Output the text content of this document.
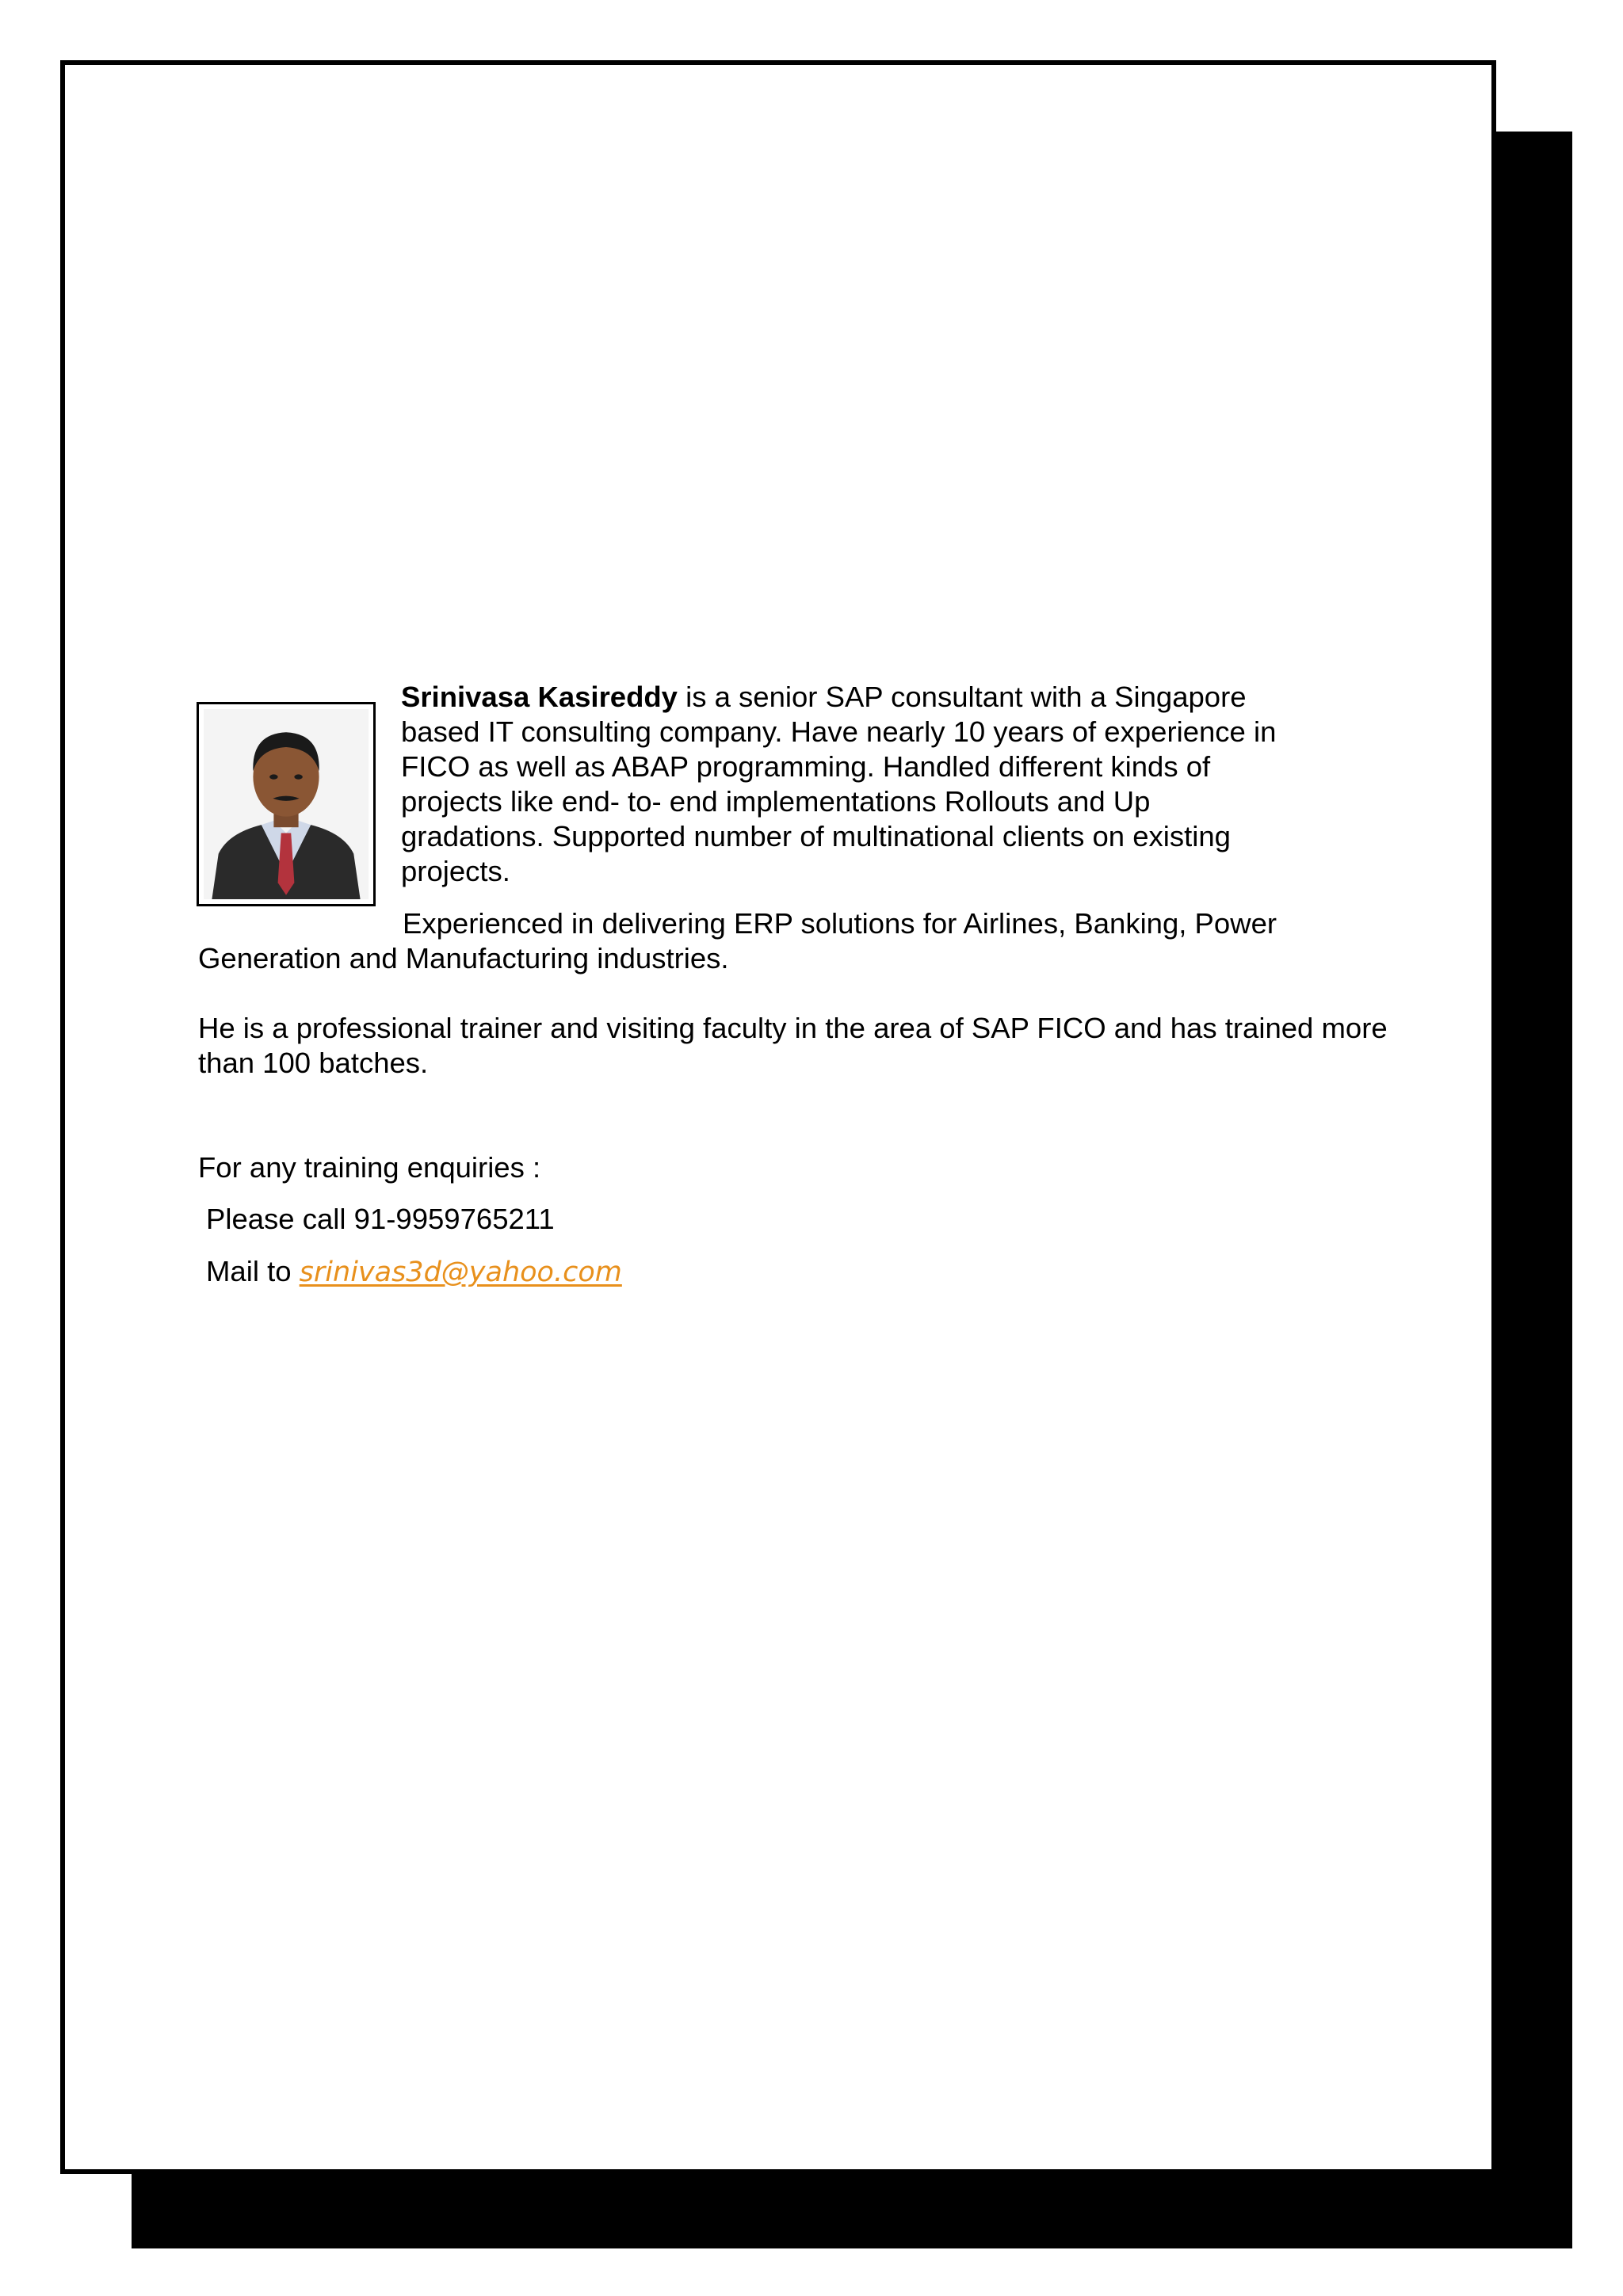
Srinivasa Kasireddy is a senior SAP consultant with a Singapore based IT consulting company. Have nearly 10 years of experience in FICO as well as ABAP programming. Handled different kinds of projects like end- to- end implementations Rollouts and Up gradations. Supported number of multinational clients on existing projects.

Experienced in delivering ERP solutions for Airlines, Banking, Power Generation and Manufacturing industries.

He is a professional trainer and visiting faculty in the area of SAP FICO and has trained more than 100 batches.

For any training enquiries :

Please call 91-9959765211

Mail to srinivas3d@yahoo.com
